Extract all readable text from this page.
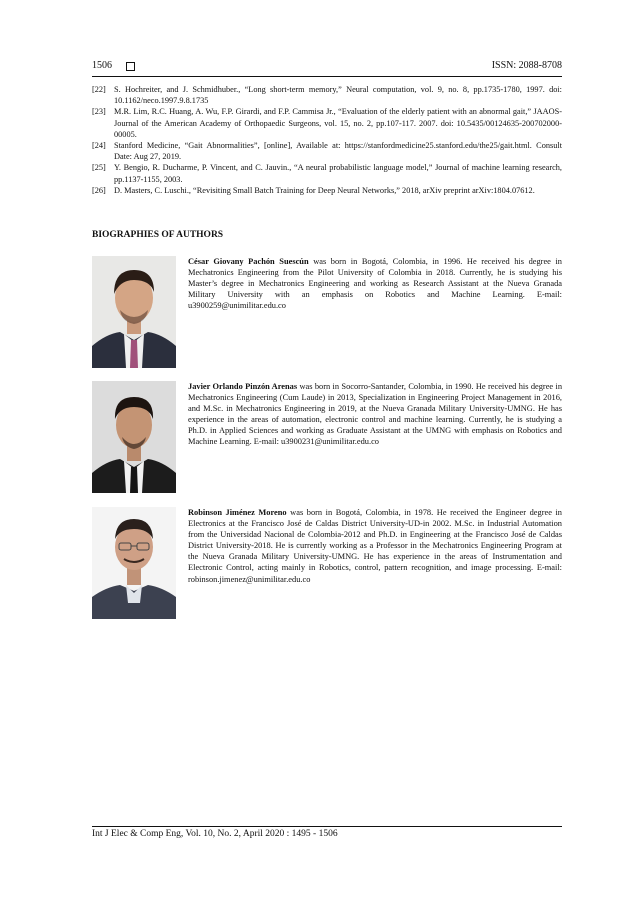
1506	ISSN: 2088-8708
[22] S. Hochreiter, and J. Schmidhuber., “Long short-term memory,” Neural computation, vol. 9, no. 8, pp.1735-1780, 1997. doi: 10.1162/neco.1997.9.8.1735
[23] M.R. Lim, R.C. Huang, A. Wu, F.P. Girardi, and F.P. Cammisa Jr., “Evaluation of the elderly patient with an abnormal gait,” JAAOS-Journal of the American Academy of Orthopaedic Surgeons, vol. 15, no. 2, pp.107-117. 2007. doi: 10.5435/00124635-200702000-00005.
[24] Stanford Medicine, “Gait Abnormalities”, [online], Available at: https://stanfordmedicine25.stanford.edu/the25/gait.html. Consult Date: Aug 27, 2019.
[25] Y. Bengio, R. Ducharme, P. Vincent, and C. Jauvin., “A neural probabilistic language model,” Journal of machine learning research, pp.1137-1155, 2003.
[26] D. Masters, C. Luschi., “Revisiting Small Batch Training for Deep Neural Networks,” 2018, arXiv preprint arXiv:1804.07612.
BIOGRAPHIES OF AUTHORS
César Giovany Pachón Suescún was born in Bogotá, Colombia, in 1996. He received his degree in Mechatronics Engineering from the Pilot University of Colombia in 2018. Currently, he is studying his Master’s degree in Mechatronics Engineering and working as Research Assistant at the Nueva Granada Military University with an emphasis on Robotics and Machine Learning. E-mail: u3900259@unimilitar.edu.co
Javier Orlando Pinzón Arenas was born in Socorro-Santander, Colombia, in 1990. He received his degree in Mechatronics Engineering (Cum Laude) in 2013, Specialization in Engineering Project Management in 2016, and M.Sc. in Mechatronics Engineering in 2019, at the Nueva Granada Military University-UMNG. He has experience in the areas of automation, electronic control and machine learning. Currently, he is studying a Ph.D. in Applied Sciences and working as Graduate Assistant at the UMNG with emphasis on Robotics and Machine Learning. E-mail: u3900231@unimilitar.edu.co
Robinson Jiménez Moreno was born in Bogotá, Colombia, in 1978. He received the Engineer degree in Electronics at the Francisco José de Caldas District University-UD-in 2002. M.Sc. in Industrial Automation from the Universidad Nacional de Colombia-2012 and Ph.D. in Engineering at the Francisco José de Caldas District University-2018. He is currently working as a Professor in the Mechatronics Engineering Program at the Nueva Granada Military University-UMNG. He has experience in the areas of Instrumentation and Electronic Control, acting mainly in Robotics, control, pattern recognition, and image processing. E-mail: robinson.jimenez@unimilitar.edu.co
Int J Elec & Comp Eng, Vol. 10, No. 2, April 2020 : 1495 - 1506
